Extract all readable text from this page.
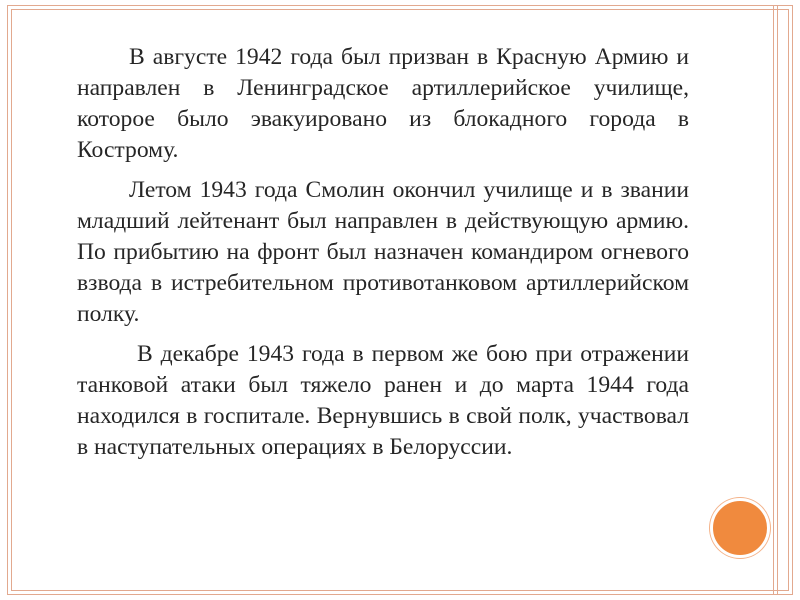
В августе 1942 года был призван в Красную Армию и направлен в Ленинградское артиллерийское училище, которое было эвакуировано из блокадного города в Кострому.

Летом 1943 года Смолин окончил училище и в звании младший лейтенант был направлен в действующую армию. По прибытию на фронт был назначен командиром огневого взвода в истребительном противотанковом артиллерийском полку.

В декабре 1943 года в первом же бою при отражении танковой атаки был тяжело ранен и до марта 1944 года находился в госпитале. Вернувшись в свой полк, участвовал в наступательных операциях в Белоруссии.
